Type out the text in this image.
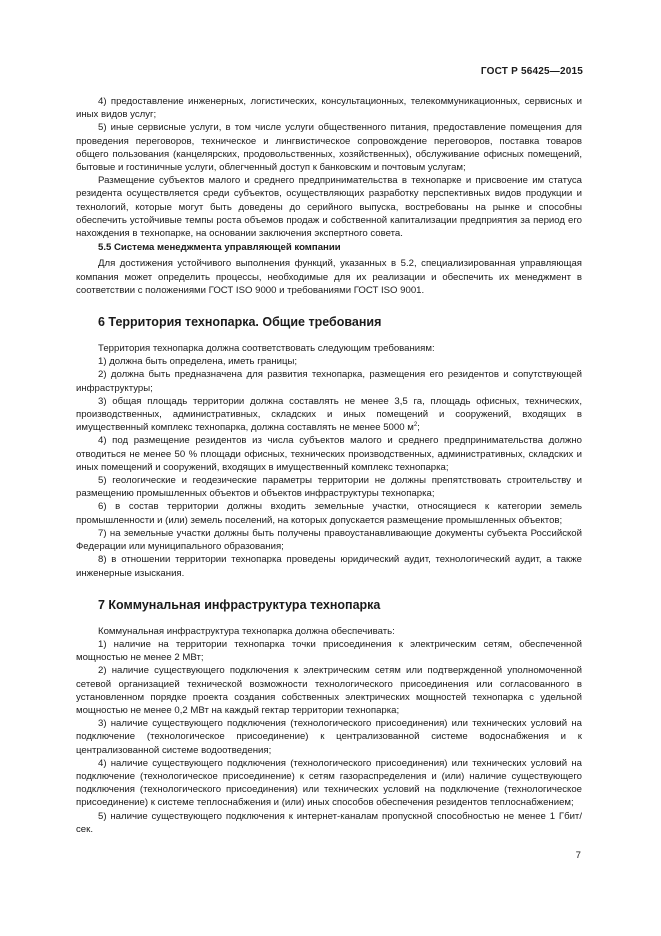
ГОСТ Р 56425—2015

4) предоставление инженерных, логистических, консультационных, телекоммуникационных, сервисных и иных видов услуг;

5) иные сервисные услуги, в том числе услуги общественного питания, предоставление помещения для проведения переговоров, техническое и лингвистическое сопровождение переговоров, поставка товаров общего пользования (канцелярских, продовольственных, хозяйственных), обслуживание офисных помещений, бытовые и гостиничные услуги, облегченный доступ к банковским и почтовым услугам;

Размещение субъектов малого и среднего предпринимательства в технопарке и присвоение им статуса резидента осуществляется среди субъектов, осуществляющих разработку перспективных видов продукции и технологий, которые могут быть доведены до серийного выпуска, востребованы на рынке и способны обеспечить устойчивые темпы роста объемов продаж и собственной капитализации предприятия за период его нахождения в технопарке, на основании заключения экспертного совета.

5.5 Система менеджмента управляющей компании

Для достижения устойчивого выполнения функций, указанных в 5.2, специализированная управляющая компания может определить процессы, необходимые для их реализации и обеспечить их менеджмент в соответствии с положениями ГОСТ ISO 9000 и требованиями ГОСТ ISO 9001.

6 Территория технопарка. Общие требования

Территория технопарка должна соответствовать следующим требованиям:

1) должна быть определена, иметь границы;

2) должна быть предназначена для развития технопарка, размещения его резидентов и сопутствующей инфраструктуры;

3) общая площадь территории должна составлять не менее 3,5 га, площадь офисных, технических, производственных, административных, складских и иных помещений и сооружений, входящих в имущественный комплекс технопарка, должна составлять не менее 5000 $м^2$;

4) под размещение резидентов из числа субъектов малого и среднего предпринимательства должно отводиться не менее 50 % площади офисных, технических производственных, административных, складских и иных помещений и сооружений, входящих в имущественный комплекс технопарка;

5) геологические и геодезические параметры территории не должны препятствовать строительству и размещению промышленных объектов и объектов инфраструктуры технопарка;

6) в состав территории должны входить земельные участки, относящиеся к категории земель промышленности и (или) земель поселений, на которых допускается размещение промышленных объектов;

7) на земельные участки должны быть получены правоустанавливающие документы субъекта Российской Федерации или муниципального образования;

8) в отношении территории технопарка проведены юридический аудит, технологический аудит, а также инженерные изыскания.

7 Коммунальная инфраструктура технопарка

Коммунальная инфраструктура технопарка должна обеспечивать:

1) наличие на территории технопарка точки присоединения к электрическим сетям, обеспеченной мощностью не менее 2 МВт;

2) наличие существующего подключения к электрическим сетям или подтвержденной уполномоченной сетевой организацией технической возможности технологического присоединения или согласованного в установленном порядке проекта создания собственных электрических мощностей технопарка с удельной мощностью не менее 0,2 МВт на каждый гектар территории технопарка;

3) наличие существующего подключения (технологического присоединения) или технических условий на подключение (технологическое присоединение) к централизованной системе водоснабжения и к централизованной системе водоотведения;

4) наличие существующего подключения (технологического присоединения) или технических условий на подключение (технологическое присоединение) к сетям газораспределения и (или) наличие существующего подключения (технологического присоединения) или технических условий на подключение (технологическое присоединение) к системе теплоснабжения и (или) иных способов обеспечения резидентов теплоснабжением;

5) наличие существующего подключения к интернет-каналам пропускной способностью не менее 1 Гбит/сек.

7
